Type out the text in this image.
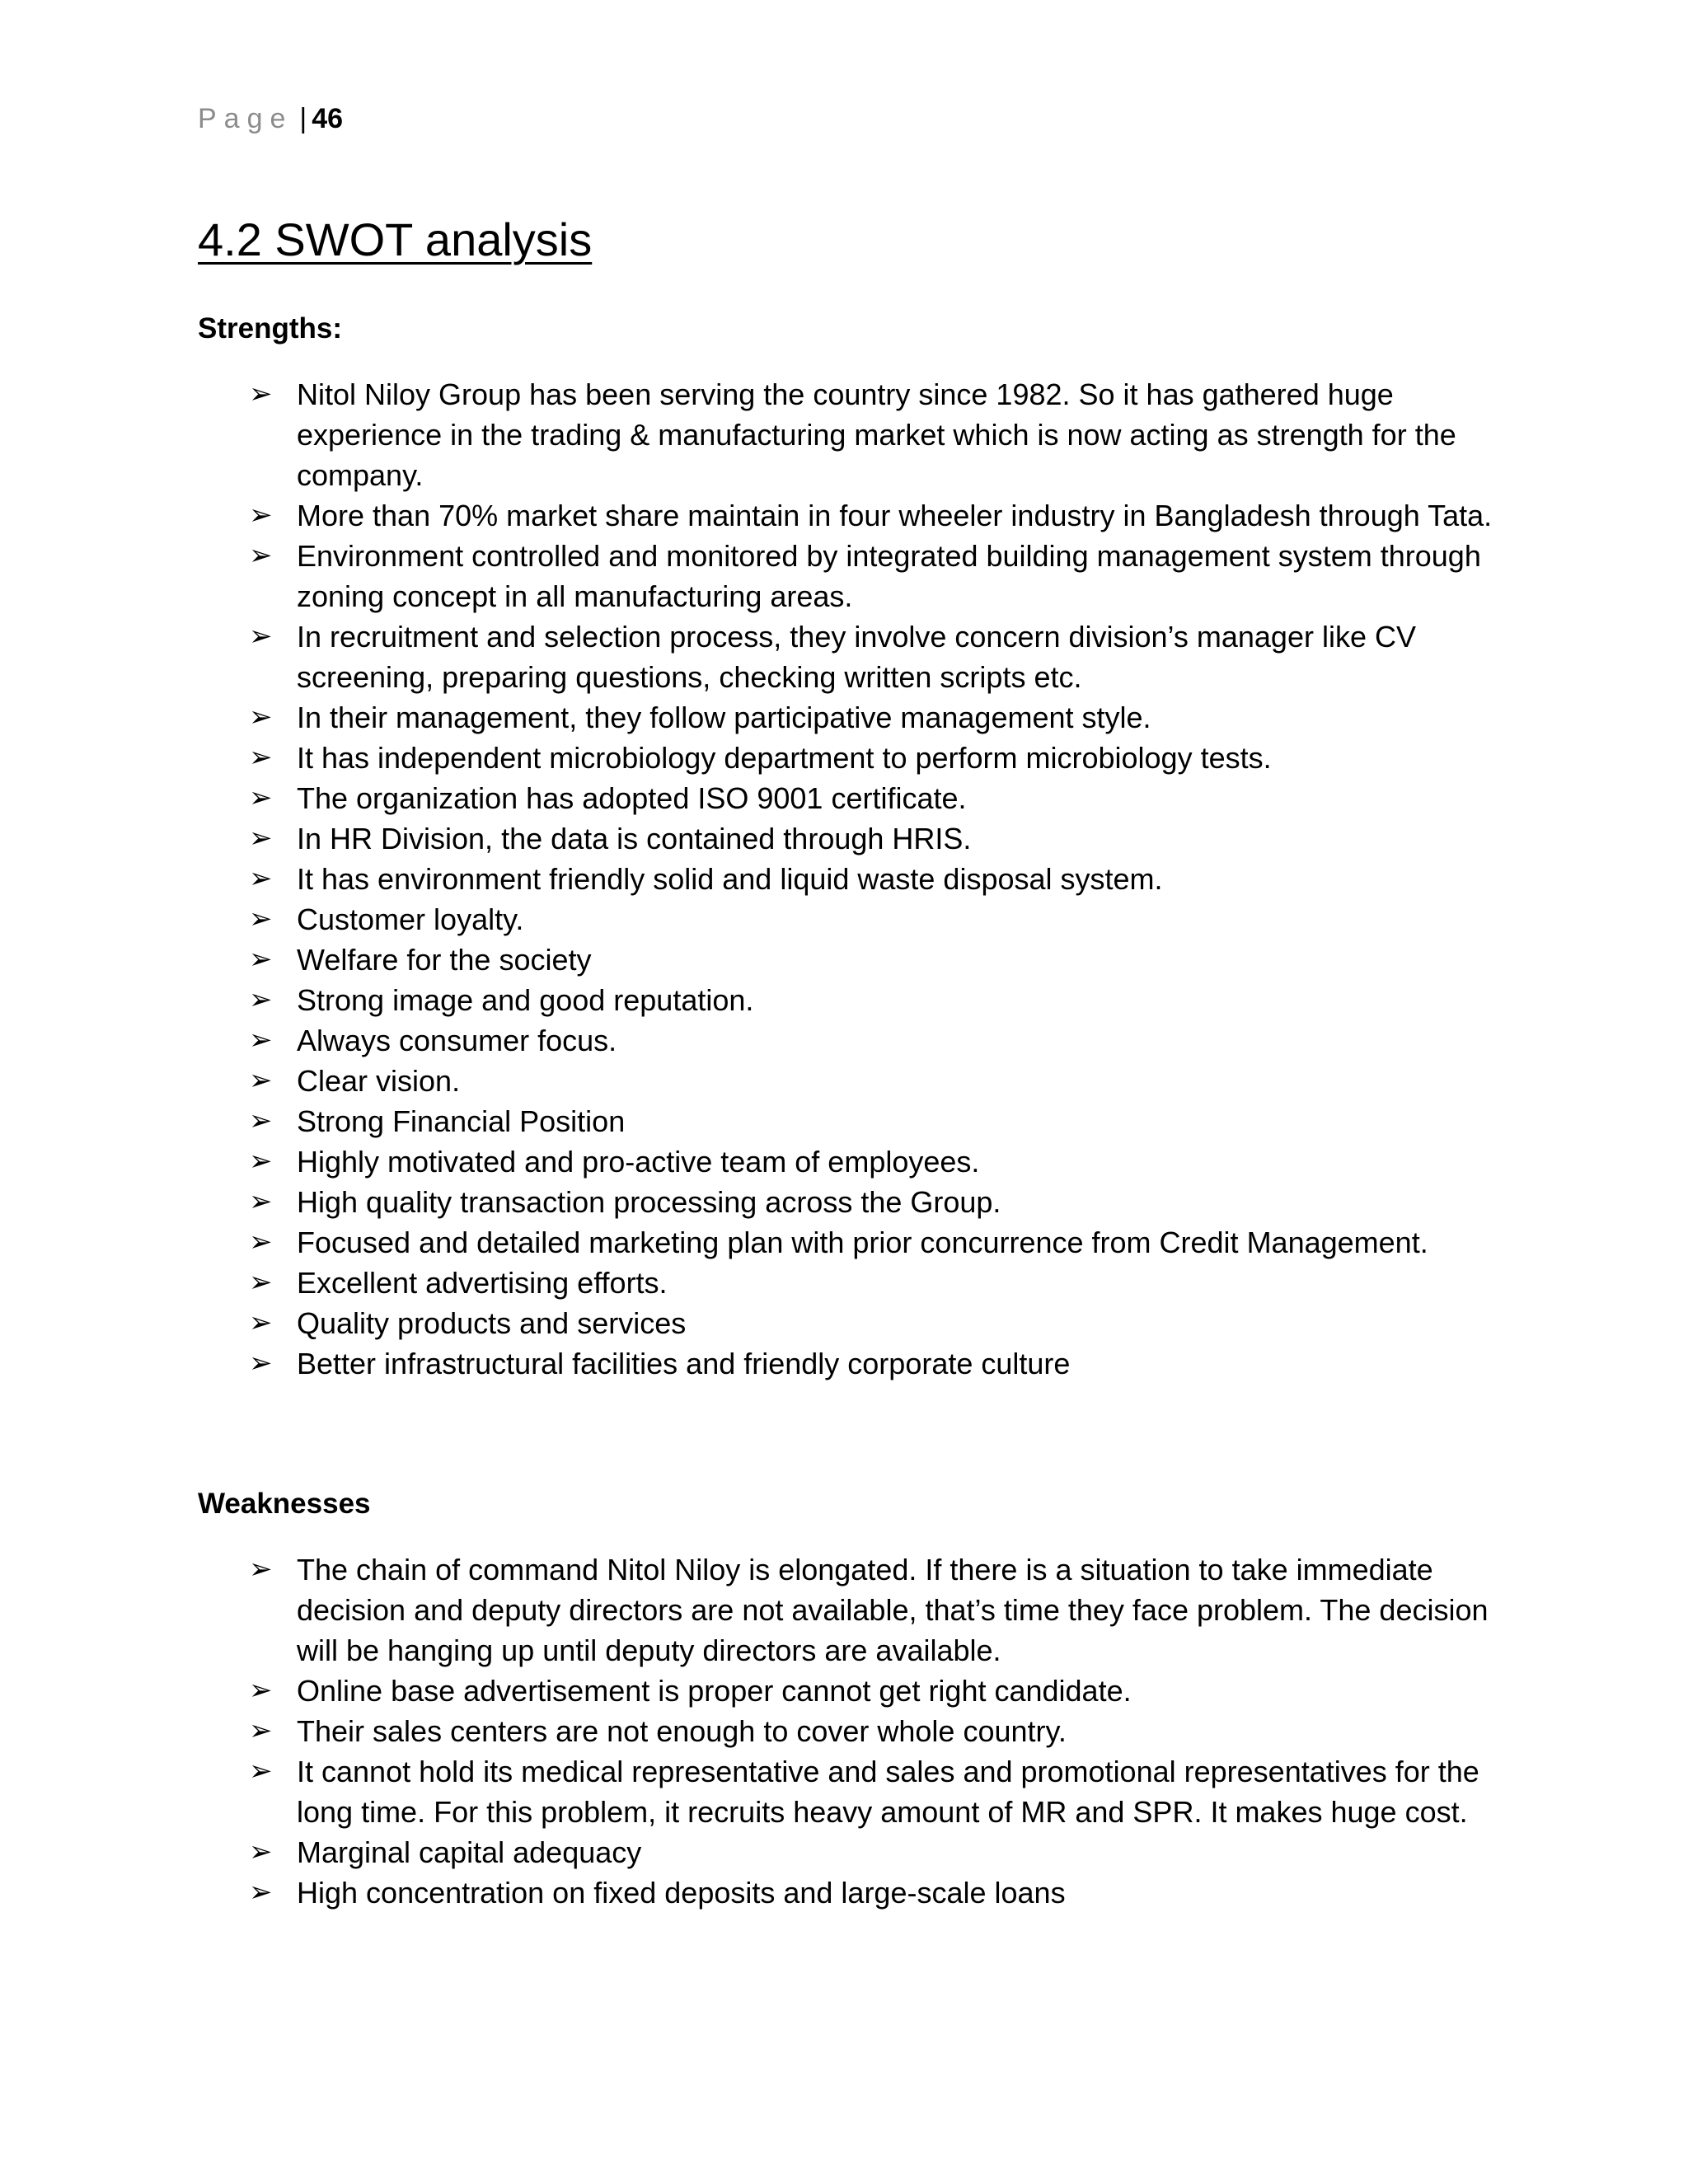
Page | 46
4.2 SWOT analysis

Strengths:

➢ Nitol Niloy Group has been serving the country since 1982. So it has gathered huge experience in the trading & manufacturing market which is now acting as strength for the company.
➢ More than 70% market share maintain in four wheeler industry in Bangladesh through Tata.
➢ Environment controlled and monitored by integrated building management system through zoning concept in all manufacturing areas.
➢ In recruitment and selection process, they involve concern division’s manager like CV screening, preparing questions, checking written scripts etc.
➢ In their management, they follow participative management style.
➢ It has independent microbiology department to perform microbiology tests.
➢ The organization has adopted ISO 9001 certificate.
➢ In HR Division, the data is contained through HRIS.
➢ It has environment friendly solid and liquid waste disposal system.
➢ Customer loyalty.
➢ Welfare for the society
➢ Strong image and good reputation.
➢ Always consumer focus.
➢ Clear vision.
➢ Strong Financial Position
➢ Highly motivated and pro-active team of employees.
➢ High quality transaction processing across the Group.
➢ Focused and detailed marketing plan with prior concurrence from Credit Management.
➢ Excellent advertising efforts.
➢ Quality products and services
➢ Better infrastructural facilities and friendly corporate culture

Weaknesses

➢ The chain of command Nitol Niloy is elongated. If there is a situation to take immediate decision and deputy directors are not available, that’s time they face problem. The decision will be hanging up until deputy directors are available.
➢ Online base advertisement is proper cannot get right candidate.
➢ Their sales centers are not enough to cover whole country.
➢ It cannot hold its medical representative and sales and promotional representatives for the long time. For this problem, it recruits heavy amount of MR and SPR. It makes huge cost.
➢ Marginal capital adequacy
➢ High concentration on fixed deposits and large-scale loans
